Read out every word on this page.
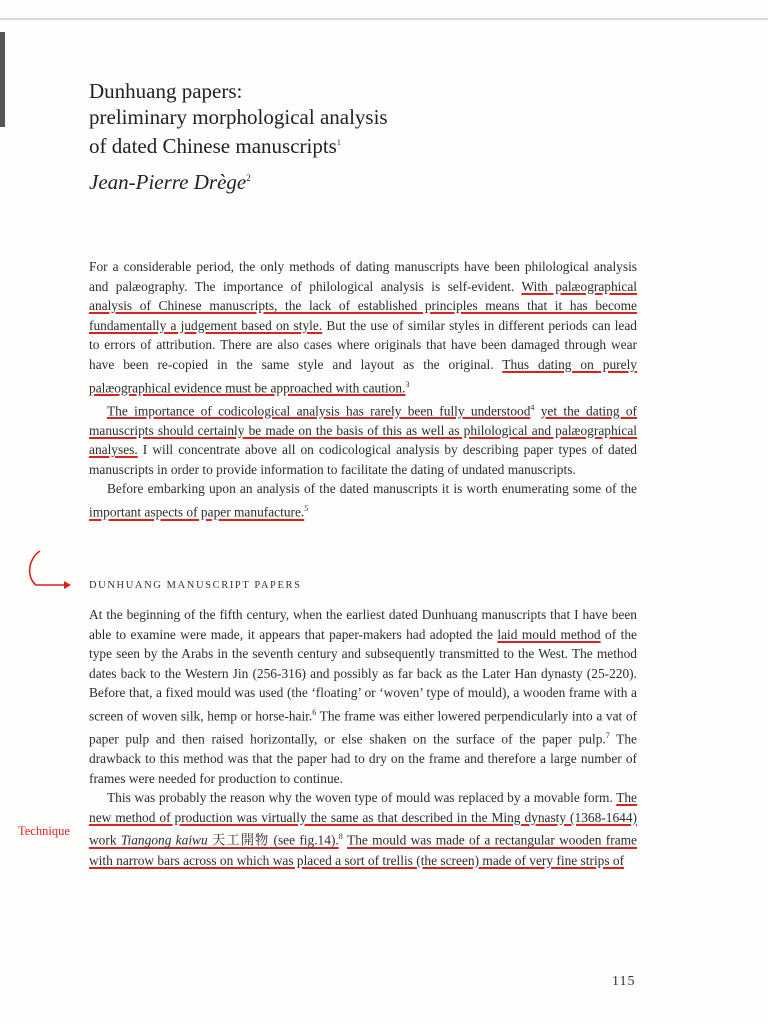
Dunhuang papers:
preliminary morphological analysis
of dated Chinese manuscripts$^1$
Jean-Pierre Drège$^2$

For a considerable period, the only methods of dating manuscripts have been philological analysis and palæography. The importance of philological analysis is self-evident. With palæographical analysis of Chinese manuscripts, the lack of established principles means that it has become fundamentally a judgement based on style. But the use of similar styles in different periods can lead to errors of attribution. There are also cases where originals that have been damaged through wear have been re-copied in the same style and layout as the original. Thus dating on purely palæographical evidence must be approached with caution.$^3$

The importance of codicological analysis has rarely been fully understood$^4$ yet the dating of manuscripts should certainly be made on the basis of this as well as philological and palæographical analyses. I will concentrate above all on codicological analysis by describing paper types of dated manuscripts in order to provide information to facilitate the dating of undated manuscripts.

Before embarking upon an analysis of the dated manuscripts it is worth enumerating some of the important aspects of paper manufacture.$^5$

DUNHUANG MANUSCRIPT PAPERS

At the beginning of the fifth century, when the earliest dated Dunhuang manuscripts that I have been able to examine were made, it appears that paper-makers had adopted the laid mould method of the type seen by the Arabs in the seventh century and subsequently transmitted to the West. The method dates back to the Western Jin (256-316) and possibly as far back as the Later Han dynasty (25-220). Before that, a fixed mould was used (the ‘floating’ or ‘woven’ type of mould), a wooden frame with a screen of woven silk, hemp or horse-hair.$^6$ The frame was either lowered perpendicularly into a vat of paper pulp and then raised horizontally, or else shaken on the surface of the paper pulp.$^7$ The drawback to this method was that the paper had to dry on the frame and therefore a large number of frames were needed for production to continue.

This was probably the reason why the woven type of mould was replaced by a movable form. The new method of production was virtually the same as that described in the Ming dynasty (1368-1644) work Tiangong kaiwu 天工開物 (see fig.14).$^8$ The mould was made of a rectangular wooden frame with narrow bars across on which was placed a sort of trellis (the screen) made of very fine strips of

Technique
115
